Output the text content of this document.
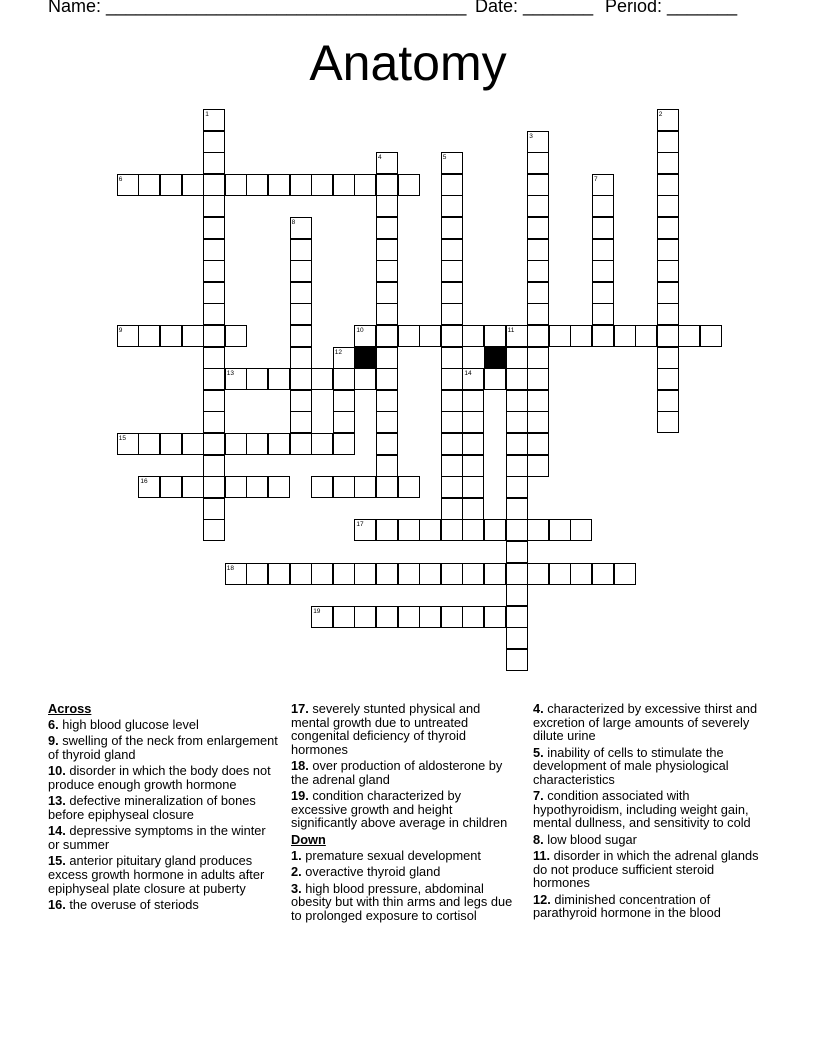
Name: ____________________________________ Date: _______ Period: _______
Anatomy
1	2
3
4	5
6	7
8
9	10	11
12
13	14
15
16
17
18
19
Across
6. high blood glucose level
9. swelling of the neck from enlargement of thyroid gland
10. disorder in which the body does not produce enough growth hormone
13. defective mineralization of bones before epiphyseal closure
14. depressive symptoms in the winter or summer
15. anterior pituitary gland produces excess growth hormone in adults after epiphyseal plate closure at puberty
16. the overuse of steriods
17. severely stunted physical and mental growth due to untreated congenital deficiency of thyroid hormones
18. over production of aldosterone by the adrenal gland
19. condition characterized by excessive growth and height significantly above average in children
Down
1. premature sexual development
2. overactive thyroid gland
3. high blood pressure, abdominal obesity but with thin arms and legs due to prolonged exposure to cortisol
4. characterized by excessive thirst and excretion of large amounts of severely dilute urine
5. inability of cells to stimulate the development of male physiological characteristics
7. condition associated with hypothyroidism, including weight gain, mental dullness, and sensitivity to cold
8. low blood sugar
11. disorder in which the adrenal glands do not produce sufficient steroid hormones
12. diminished concentration of parathyroid hormone in the blood
